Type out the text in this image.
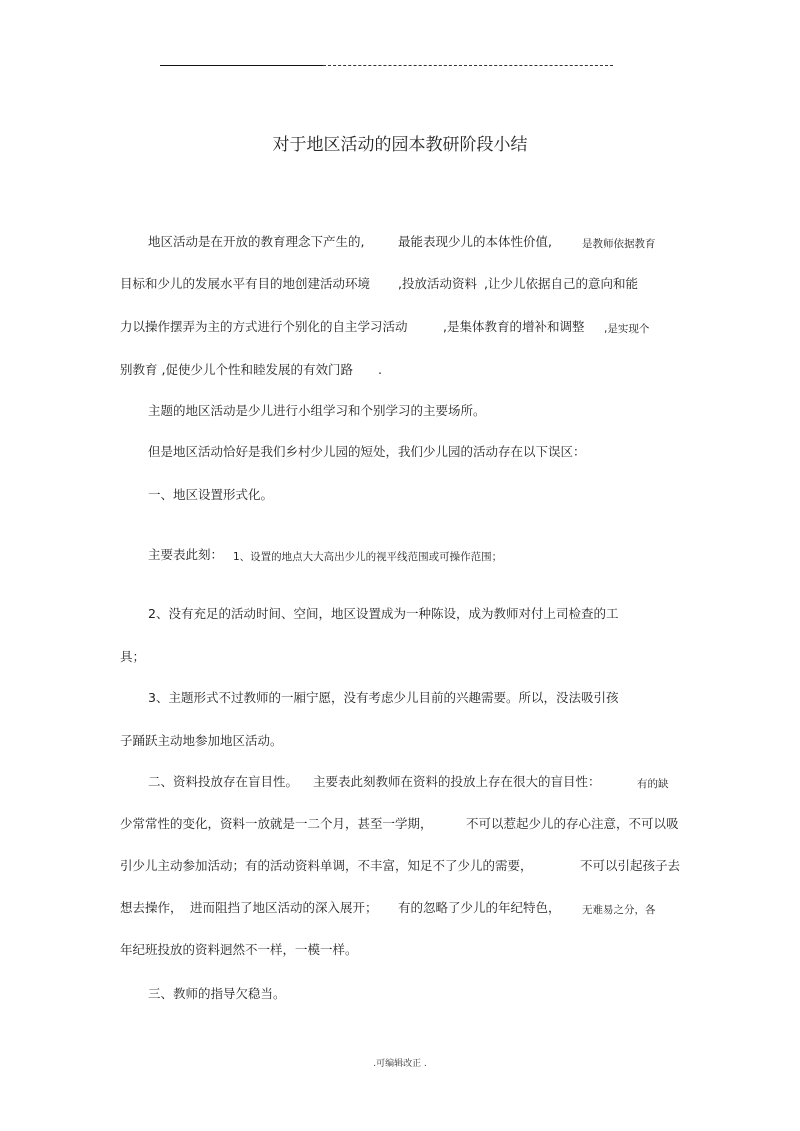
对于地区活动的园本教研阶段小结
地区活动是在开放的教育理念下产生的,	最能表现少儿的本体性价值,	是教师依据教育
目标和少儿的发展水平有目的地创建活动环境 ,投放活动资料 ,让少儿依据自己的意向和能
力以操作摆弄为主的方式进行个别化的自主学习活动	,是集体教育的增补和调整 ,是实现个
别教育 ,促使少儿个性和睦发展的有效门路 .
主题的地区活动是少儿进行小组学习和个别学习的主要场所。
但是地区活动恰好是我们乡村少儿园的短处，我们少儿园的活动存在以下误区：
一、地区设置形式化。
主要表此刻： 1、设置的地点大大高出少儿的视平线范围或可操作范围；
2、没有充足的活动时间、空间，地区设置成为一种陈设，成为教师对付上司检查的工
具；
3、主题形式不过教师的一厢宁愿，没有考虑少儿目前的兴趣需要。所以，没法吸引孩
子踊跃主动地参加地区活动。
二、资料投放存在盲目性。 主要表此刻教师在资料的投放上存在很大的盲目性：	有的缺
少常常性的变化，资料一放就是一二个月，甚至一学期，	不可以惹起少儿的存心注意，不可以吸
引少儿主动参加活动；有的活动资料单调，不丰富，知足不了少儿的需要，	不可以引起孩子去
想去操作， 进而阻挡了地区活动的深入展开； 有的忽略了少儿的年纪特色， 无难易之分，各
年纪班投放的资料迥然不一样，一模一样。
三、教师的指导欠稳当。
.可编辑改正 .
